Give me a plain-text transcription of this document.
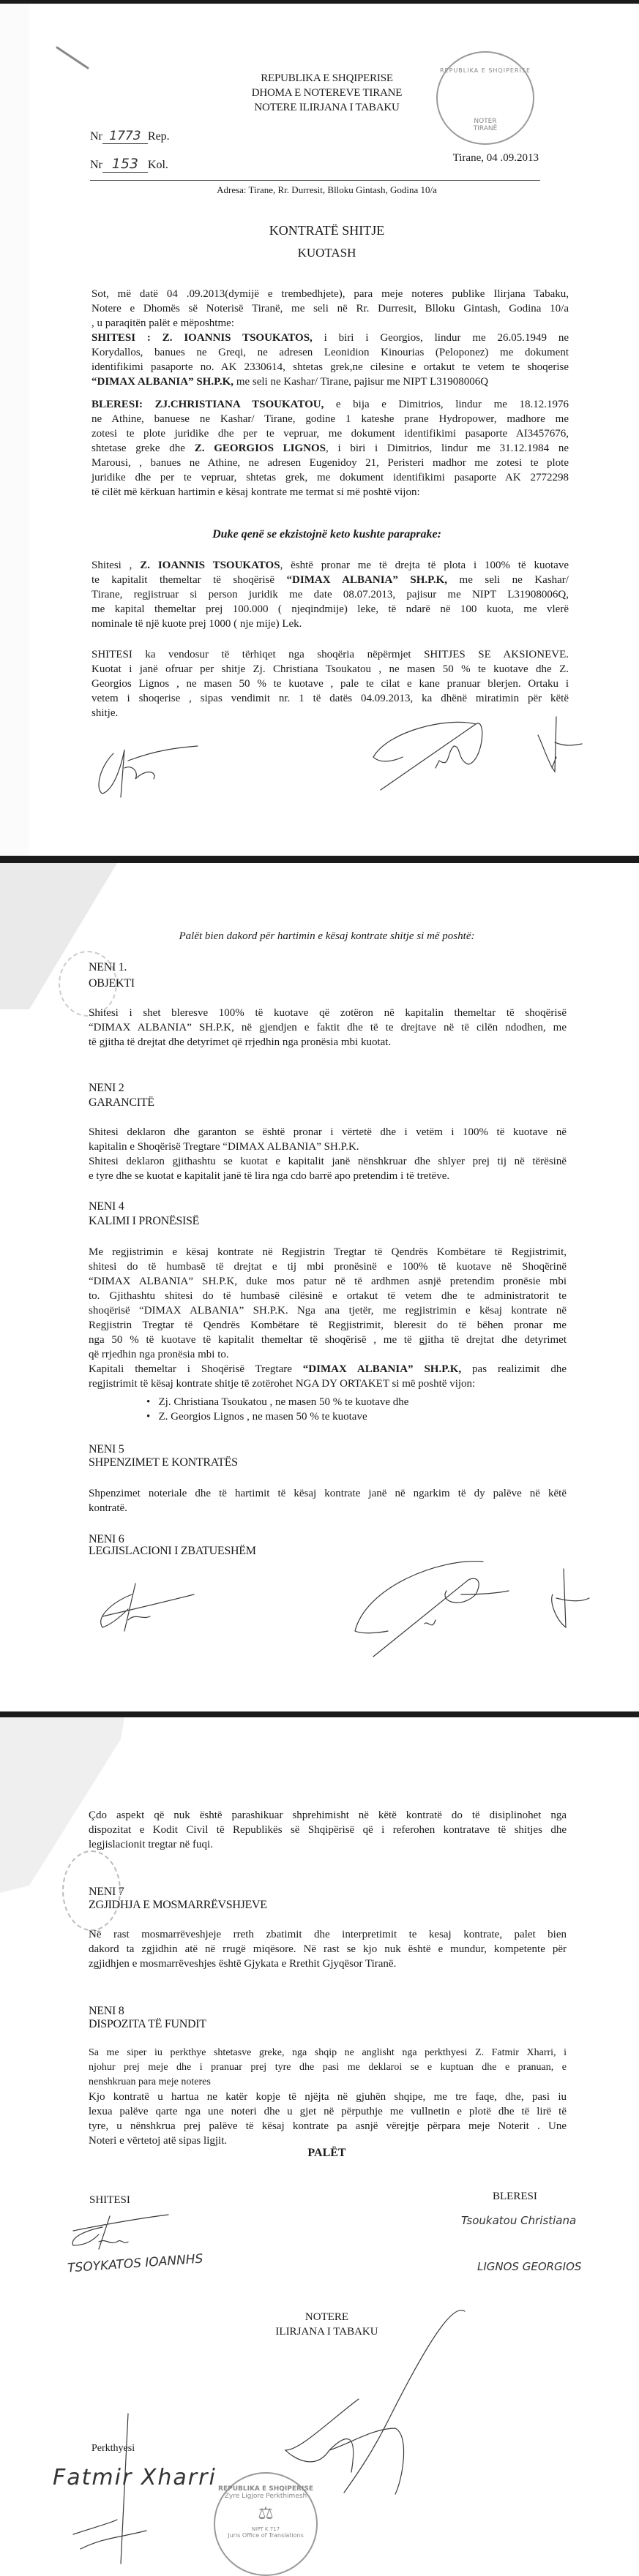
REPUBLIKA E SHQIPERISE
DHOMA E NOTEREVE TIRANE
NOTERE ILIRJANA I TABAKU
REPUBLIKA E SHQIPERISE
NOTER
TIRANË
Nr 1773 Rep.
Nr 153 Kol.
Tirane, 04 .09.2013
Adresa: Tirane, Rr. Durresit, Blloku Gintash, Godina 10/a
KONTRATË SHITJE
KUOTASH
Sot, më datë 04 .09.2013(dymijë e trembedhjete), para meje noteres publike Ilirjana Tabaku,
Notere e Dhomës së Noterisë Tiranë, me seli në Rr. Durresit, Blloku Gintash, Godina 10/a
, u paraqitën palët e mëposhtme:
SHITESI : Z. IOANNIS TSOUKATOS, i biri i Georgios, lindur me 26.05.1949 ne
Korydallos, banues ne Greqi, ne adresen Leonidion Kinourias (Peloponez) me dokument
identifikimi pasaporte no. AK 2330614, shtetas grek,ne cilesine e ortakut te vetem te shoqerise
“DIMAX ALBANIA” SH.P.K, me seli ne Kashar/ Tirane, pajisur me NIPT L31908006Q
BLERESI: ZJ.CHRISTIANA TSOUKATOU, e bija e Dimitrios, lindur me 18.12.1976
ne Athine, banuese ne Kashar/ Tirane, godine 1 kateshe prane Hydropower, madhore me
zotesi te plote juridike dhe per te vepruar, me dokument identifikimi pasaporte AI3457676,
shtetase greke dhe Z. GEORGIOS LIGNOS, i biri i Dimitrios, lindur me 31.12.1984 ne
Marousi, , banues ne Athine, ne adresen Eugenidoy 21, Peristeri madhor me zotesi te plote
juridike dhe per te vepruar, shtetas grek, me dokument identifikimi pasaporte AK 2772298
të cilët më kërkuan hartimin e kësaj kontrate me termat si më poshtë vijon:
Duke qenë se ekzistojnë keto kushte paraprake:
Shitesi , Z. IOANNIS TSOUKATOS, është pronar me të drejta të plota i 100% të kuotave
te kapitalit themeltar të shoqërisë “DIMAX ALBANIA” SH.P.K, me seli ne Kashar/
Tirane, regjistruar si person juridik me date 08.07.2013, pajisur me NIPT L31908006Q,
me kapital themeltar prej 100.000 ( njeqindmije) leke, të ndarë në 100 kuota, me vlerë
nominale të një kuote prej 1000 ( nje mije) Lek.
SHITESI ka vendosur të tërhiqet nga shoqëria nëpërmjet SHITJES SE AKSIONEVE.
Kuotat i janë ofruar per shitje Zj. Christiana Tsoukatou , ne masen 50 % te kuotave dhe Z.
Georgios Lignos , ne masen 50 % te kuotave , pale te cilat e kane pranuar blerjen. Ortaku i
vetem i shoqerise , sipas vendimit nr. 1 të datës 04.09.2013, ka dhënë miratimin për këtë
shitje.
Palët bien dakord për hartimin e kësaj kontrate shitje si më poshtë:
NENI 1.
OBJEKTI
Shitesi i shet bleresve 100% të kuotave që zotëron në kapitalin themeltar të shoqërisë
“DIMAX ALBANIA” SH.P.K, në gjendjen e faktit dhe të te drejtave në të cilën ndodhen, me
të gjitha të drejtat dhe detyrimet që rrjedhin nga pronësia mbi kuotat.
NENI 2
GARANCITË
Shitesi deklaron dhe garanton se është pronar i vërtetë dhe i vetëm i 100% të kuotave në
kapitalin e Shoqërisë Tregtare “DIMAX ALBANIA” SH.P.K.
Shitesi deklaron gjithashtu se kuotat e kapitalit janë nënshkruar dhe shlyer prej tij në tërësinë
e tyre dhe se kuotat e kapitalit janë të lira nga cdo barrë apo pretendim i të tretëve.
NENI 4
KALIMI I PRONËSISË
Me regjistrimin e kësaj kontrate në Regjistrin Tregtar të Qendrës Kombëtare të Regjistrimit,
shitesi do të humbasë të drejtat e tij mbi pronësinë e 100% të kuotave në Shoqërinë
“DIMAX ALBANIA” SH.P.K, duke mos patur në të ardhmen asnjë pretendim pronësie mbi
to. Gjithashtu shitesi do të humbasë cilësinë e ortakut të vetem dhe te administratorit te
shoqërisë “DIMAX ALBANIA” SH.P.K. Nga ana tjetër, me regjistrimin e kësaj kontrate në
Regjistrin Tregtar të Qendrës Kombëtare të Regjistrimit, bleresit do të bëhen pronar me
nga 50 % të kuotave të kapitalit themeltar të shoqërisë , me të gjitha të drejtat dhe detyrimet
që rrjedhin nga pronësia mbi to.
Kapitali themeltar i Shoqërisë Tregtare “DIMAX ALBANIA” SH.P.K, pas realizimit dhe
regjistrimit të kësaj kontrate shitje të zotërohet NGA DY ORTAKET si më poshtë vijon:
•   Zj. Christiana Tsoukatou , ne masen 50 % te kuotave dhe
•   Z. Georgios Lignos , ne masen 50 % te kuotave
NENI 5
SHPENZIMET E KONTRATËS
Shpenzimet noteriale dhe të hartimit të kësaj kontrate janë në ngarkim të dy palëve në këtë
kontratë.
NENI 6
LEGJISLACIONI I ZBATUESHËM
Çdo aspekt që nuk është parashikuar shprehimisht në këtë kontratë do të disiplinohet nga
dispozitat e Kodit Civil të Republikës së Shqipërisë që i referohen kontratave të shitjes dhe
legjislacionit tregtar në fuqi.
NENI 7
ZGJIDHJA E MOSMARRËVSHJEVE
Në rast mosmarrëveshjeje rreth zbatimit dhe interpretimit te kesaj kontrate, palet bien
dakord ta zgjidhin atë në rrugë miqësore. Në rast se kjo nuk është e mundur, kompetente për
zgjidhjen e mosmarrëveshjes është Gjykata e Rrethit Gjyqësor Tiranë.
NENI 8
DISPOZITA TË FUNDIT
Sa me siper iu perkthye shtetasve greke, nga shqip ne anglisht nga perkthyesi Z. Fatmir Xharri, i
njohur prej meje dhe i pranuar prej tyre dhe pasi me deklaroi se e kuptuan dhe e pranuan, e
nenshkruan para meje noteres
Kjo kontratë u hartua ne katër kopje të njëjta në gjuhën shqipe, me tre faqe, dhe, pasi iu
lexua palëve qarte nga une noteri dhe u gjet në përputhje me vullnetin e plotë dhe të lirë të
tyre, u nënshkrua prej palëve të kësaj kontrate pa asnjë vërejtje përpara meje Noterit . Une
Noteri e vërtetoj atë sipas ligjit.
PALËT
SHITESI	BLERESI
TSOYKATOS IOANNHS
Tsoukatou Christiana
LIGNOS GEORGIOS
NOTERE
ILIRJANA I TABAKU
Perkthyesi
Fatmir Xharri REPUBLIKA E SHQIPERISE
Zyre Ligjore Perkthimesh
⚖
NIPT K 717
Juris Office of Translations
